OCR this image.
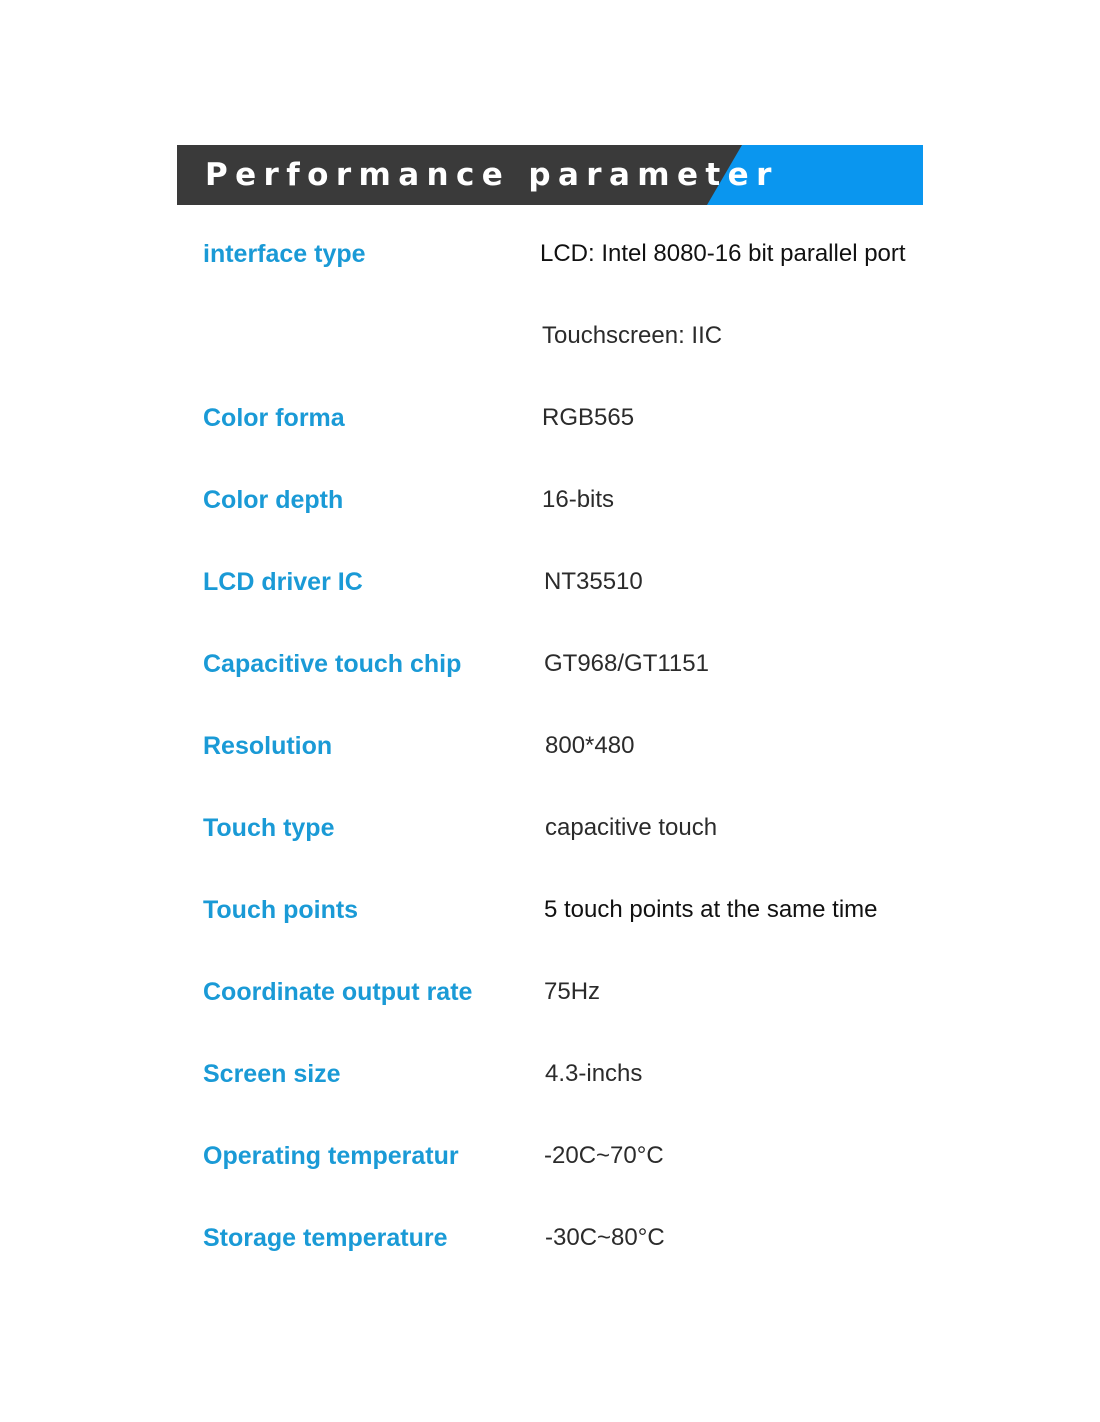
Performance parameter
interface type	LCD: Intel 8080-16 bit parallel port
Touchscreen: IIC
Color forma	RGB565
Color depth	16-bits
LCD driver IC	NT35510
Capacitive touch chip	GT968/GT1151
Resolution	800*480
Touch type	capacitive touch
Touch points	5 touch points at the same time
Coordinate output rate	75Hz
Screen size	4.3-inchs
Operating temperatur	-20C~70°C
Storage temperature	-30C~80°C
